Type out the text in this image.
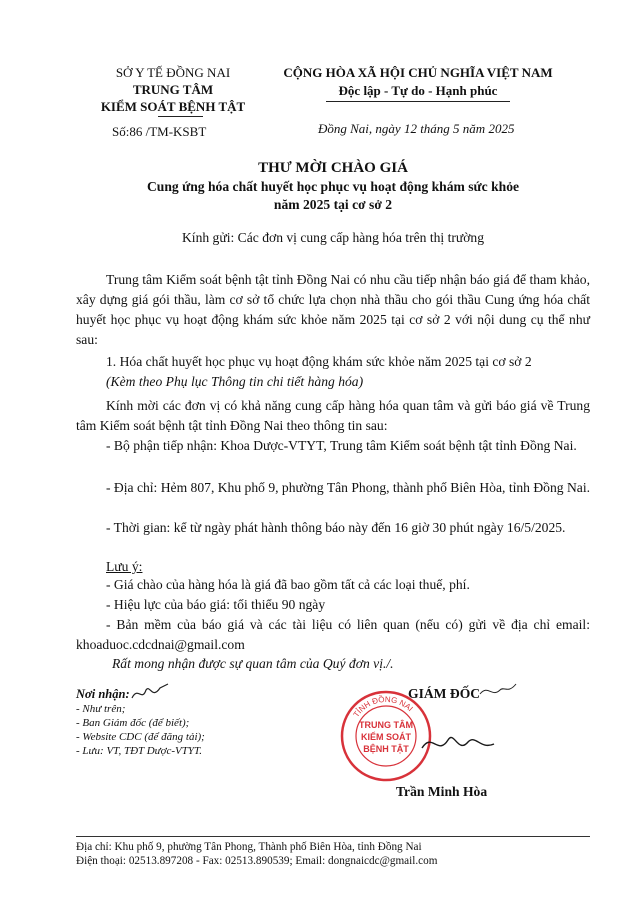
SỞ Y TẾ ĐỒNG NAI
TRUNG TÂM
KIỂM SOÁT BỆNH TẬT
Số:86 /TM-KSBT
CỘNG HÒA XÃ HỘI CHỦ NGHĨA VIỆT NAM
Độc lập - Tự do - Hạnh phúc
Đồng Nai, ngày 12 tháng 5 năm 2025
THƯ MỜI CHÀO GIÁ
Cung ứng hóa chất huyết học phục vụ hoạt động khám sức khỏe
năm 2025 tại cơ sở 2
Kính gửi: Các đơn vị cung cấp hàng hóa trên thị trường
Trung tâm Kiểm soát bệnh tật tỉnh Đồng Nai có nhu cầu tiếp nhận báo giá để tham khảo, xây dựng giá gói thầu, làm cơ sở tổ chức lựa chọn nhà thầu cho gói thầu Cung ứng hóa chất huyết học phục vụ hoạt động khám sức khỏe năm 2025 tại cơ sở 2 với nội dung cụ thể như sau:
1. Hóa chất huyết học phục vụ hoạt động khám sức khỏe năm 2025 tại cơ sở 2
(Kèm theo Phụ lục Thông tin chi tiết hàng hóa)
Kính mời các đơn vị có khả năng cung cấp hàng hóa quan tâm và gửi báo giá về Trung tâm Kiểm soát bệnh tật tỉnh Đồng Nai theo thông tin sau:
- Bộ phận tiếp nhận: Khoa Dược-VTYT, Trung tâm Kiểm soát bệnh tật tỉnh Đồng Nai.
- Địa chỉ: Hẻm 807, Khu phố 9, phường Tân Phong, thành phố Biên Hòa, tỉnh Đồng Nai.
- Thời gian: kể từ ngày phát hành thông báo này đến 16 giờ 30 phút ngày 16/5/2025.
Lưu ý:
- Giá chào của hàng hóa là giá đã bao gồm tất cả các loại thuế, phí.
- Hiệu lực của báo giá: tối thiểu 90 ngày
- Bản mềm của báo giá và các tài liệu có liên quan (nếu có) gửi về địa chỉ email: khoaduoc.cdcdnai@gmail.com
Rất mong nhận được sự quan tâm của Quý đơn vị./.
Nơi nhận:
- Như trên;
- Ban Giám đốc (để biết);
- Website CDC (để đăng tải);
- Lưu: VT, TĐT Dược-VTYT.
GIÁM ĐỐC
TỈNH ĐỒNG NAI
TRUNG TÂM
KIỂM SOÁT
BỆNH TẬT
Trần Minh Hòa
Địa chỉ: Khu phố 9, phường Tân Phong, Thành phố Biên Hòa, tỉnh Đồng Nai
Điện thoại: 02513.897208 - Fax: 02513.890539; Email: dongnaicdc@gmail.com
